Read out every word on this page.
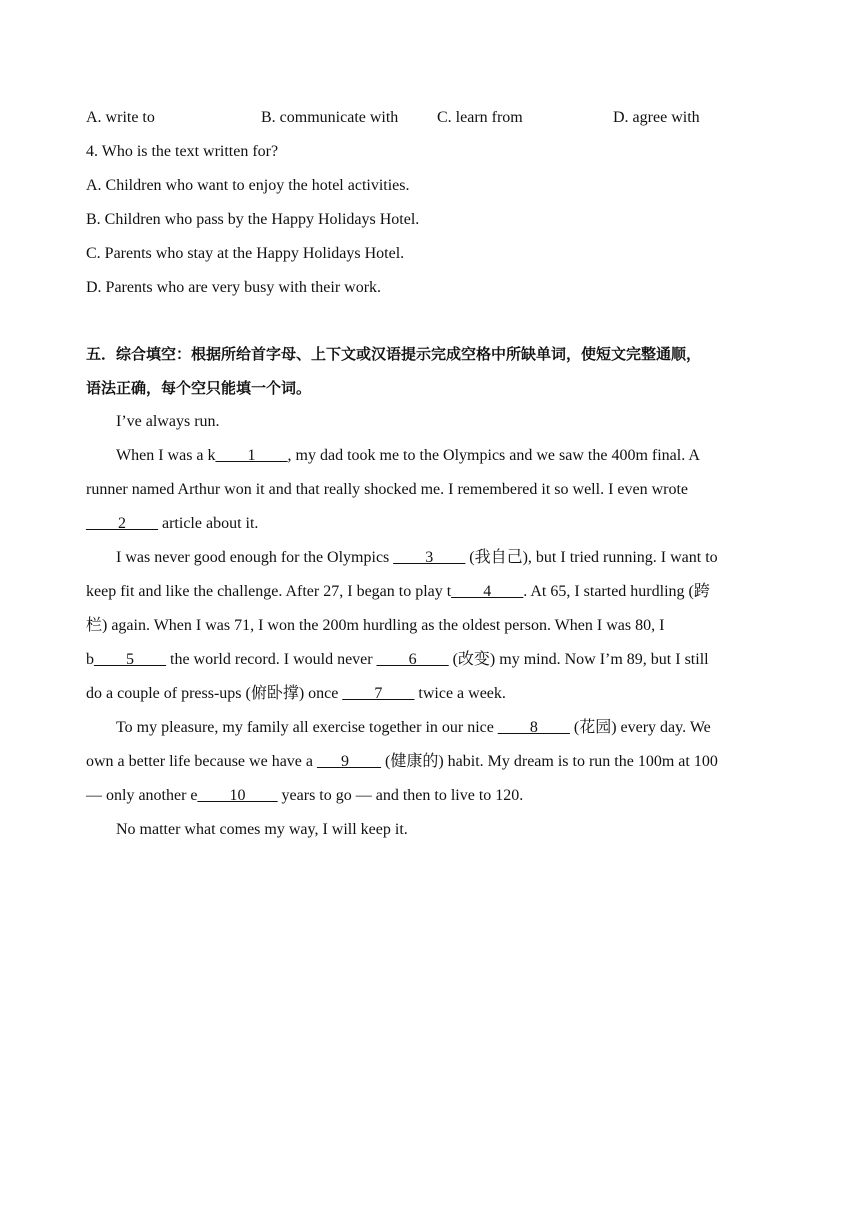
A. write to	B. communicate with C. learn from	D. agree with
4. Who is the text written for?
A. Children who want to enjoy the hotel activities.
B. Children who pass by the Happy Holidays Hotel.
C. Parents who stay at the Happy Holidays Hotel.
D. Parents who are very busy with their work.
五．综合填空：根据所给首字母、上下文或汉语提示完成空格中所缺单词，使短文完整通顺，
语法正确，每个空只能填一个词。
I’ve always run.
When I was a k____1____, my dad took me to the Olympics and we saw the 400m final. A
runner named Arthur won it and that really shocked me. I remembered it so well. I even wrote
____2____ article about it.
I was never good enough for the Olympics ____3____ (我自己), but I tried running. I want to
keep fit and like the challenge. After 27, I began to play t____4____. At 65, I started hurdling (跨
栏) again. When I was 71, I won the 200m hurdling as the oldest person. When I was 80, I
b____5____ the world record. I would never ____6____ (改变) my mind. Now I’m 89, but I still
do a couple of press-ups (俯卧撑) once ____7____ twice a week.
To my pleasure, my family all exercise together in our nice ____8____ (花园) every day. We
own a better life because we have a ___9____ (健康的) habit. My dream is to run the 100m at 100
— only another e____10____ years to go — and then to live to 120.
No matter what comes my way, I will keep it.
